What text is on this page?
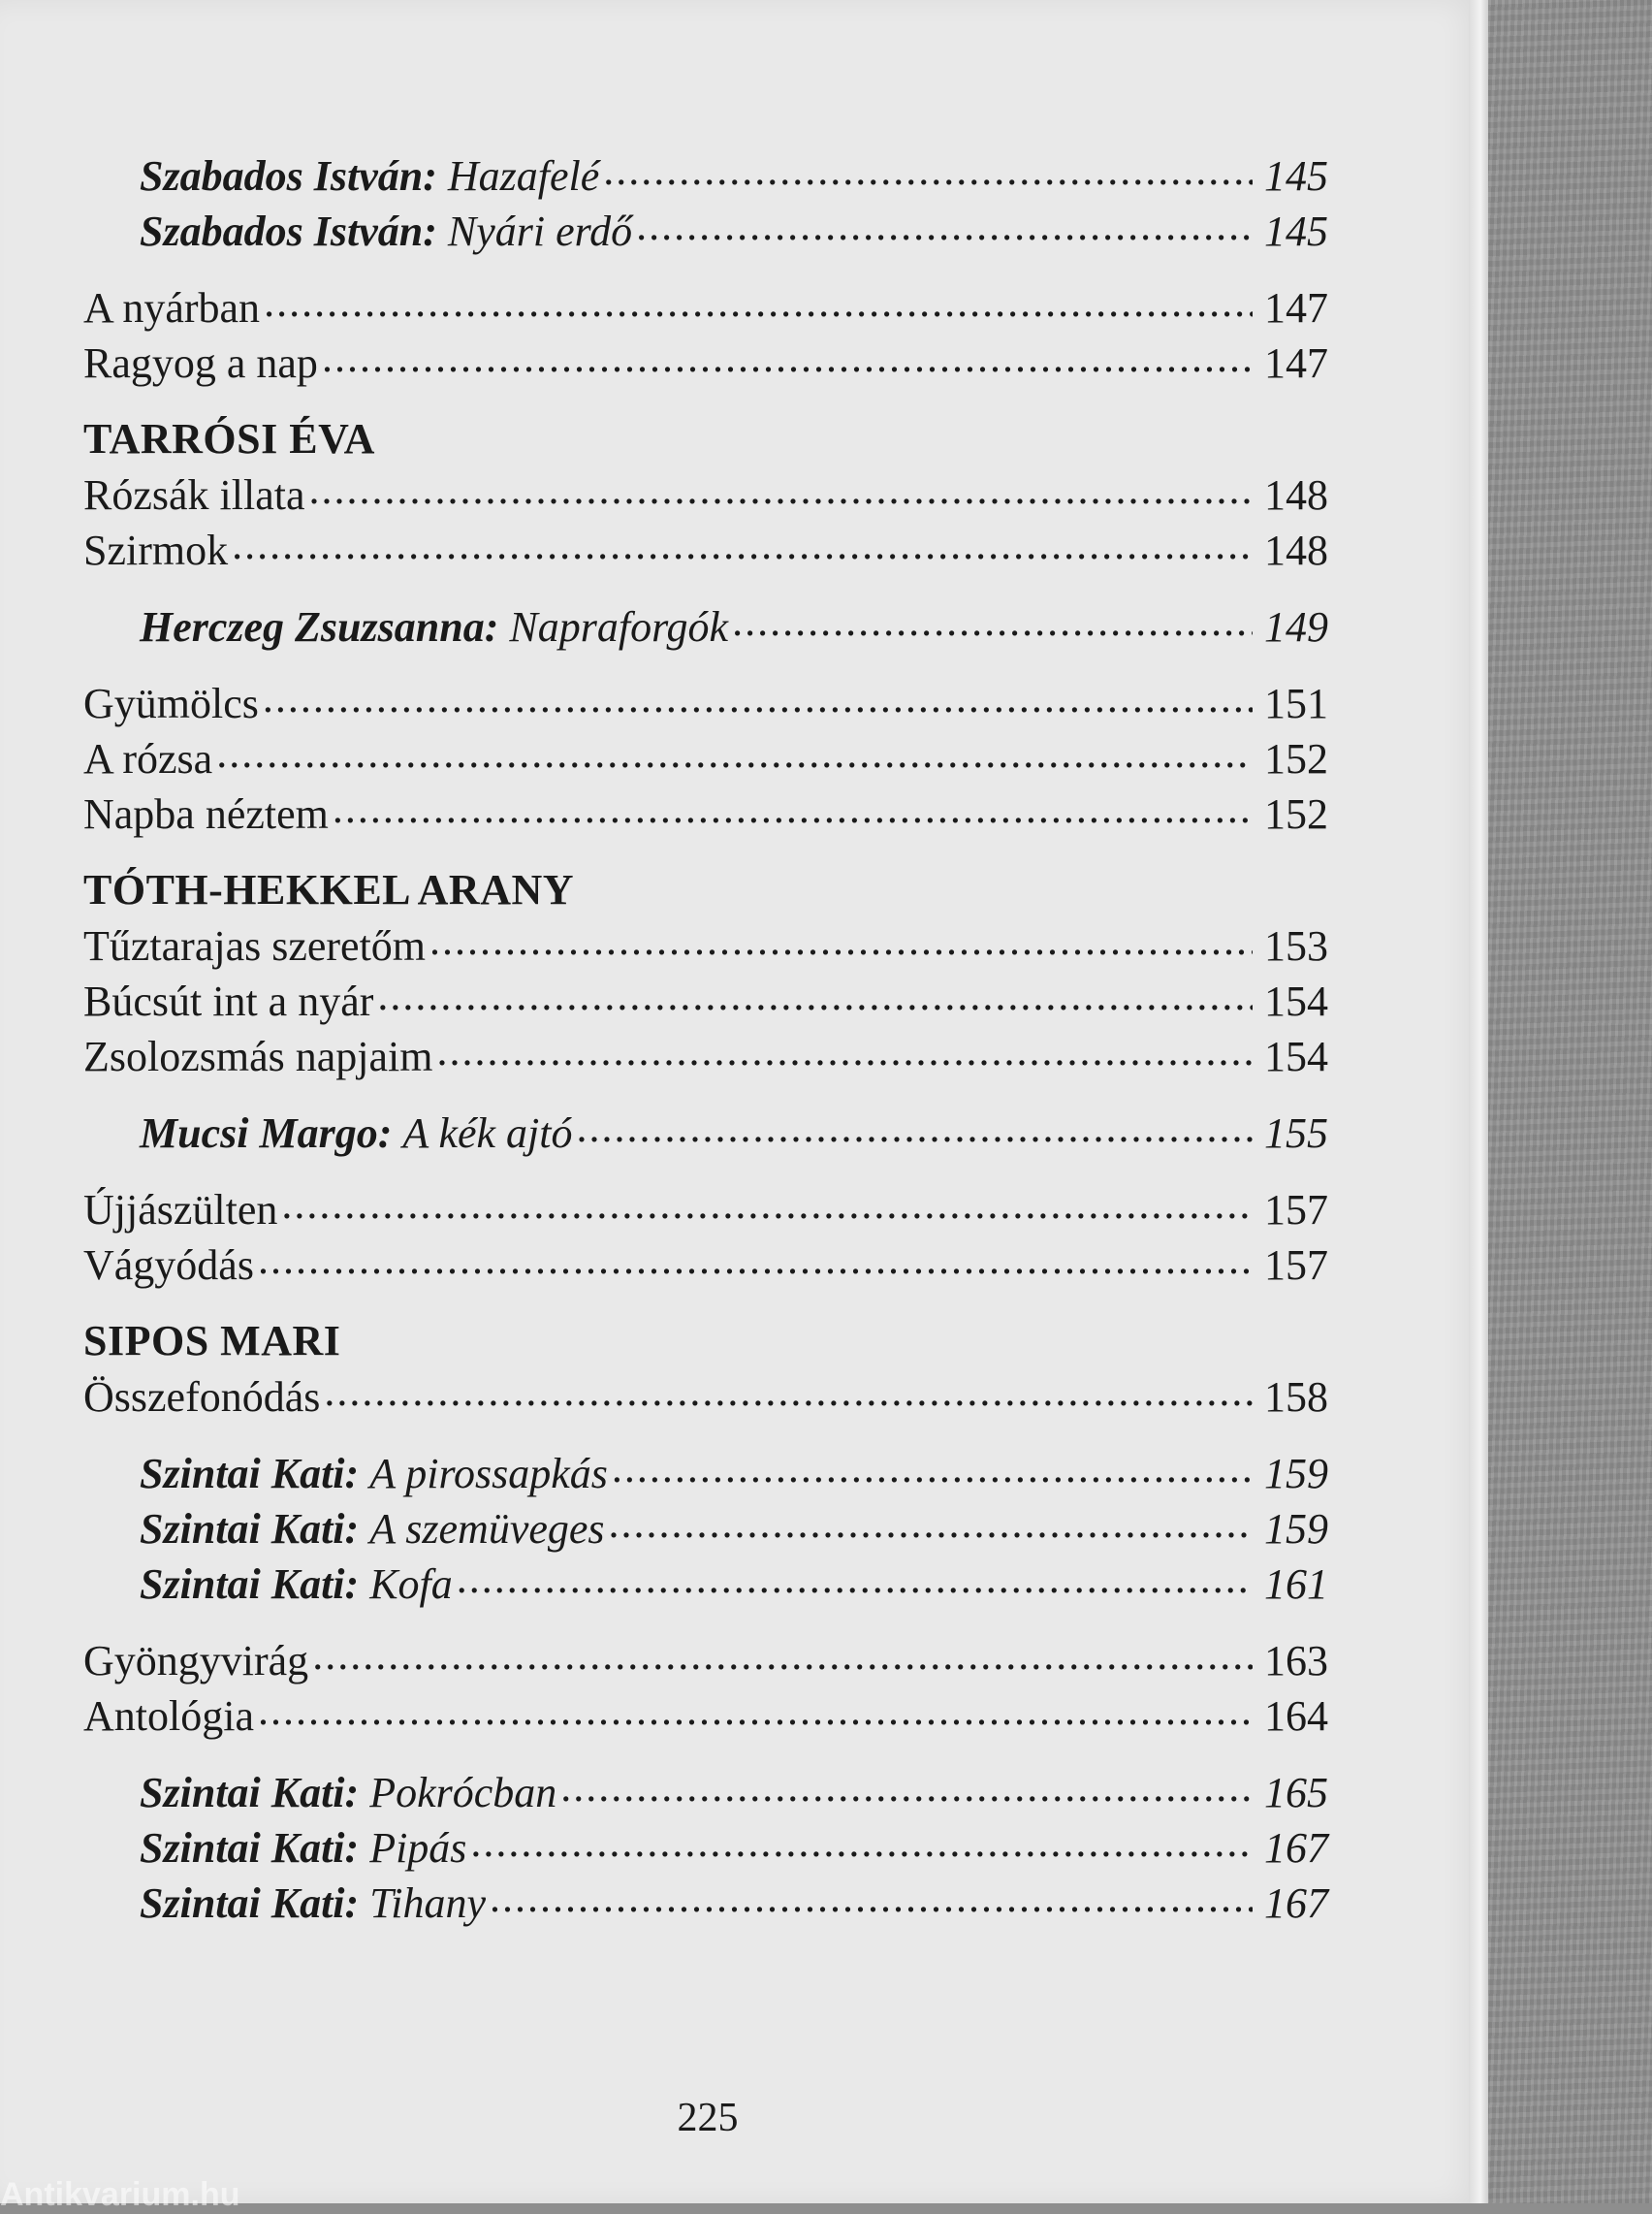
Szabados István: Hazafelé .....	145
Szabados István: Nyári erdő .....	145
A nyárban .....	147
Ragyog a nap .....	147
TARRÓSI ÉVA
Rózsák illata .....	148
Szirmok .....	148
Herczeg Zsuzsanna: Napraforgók .....	149
Gyümölcs .....	151
A rózsa .....	152
Napba néztem .....	152
TÓTH-HEKKEL ARANY
Tűztarajas szeretőm .....	153
Búcsút int a nyár .....	154
Zsolozsmás napjaim .....	154
Mucsi Margo: A kék ajtó .....	155
Újjászülten .....	157
Vágyódás .....	157
SIPOS MARI
Összefonódás .....	158
Szintai Kati: A pirossapkás .....	159
Szintai Kati: A szemüveges .....	159
Szintai Kati: Kofa .....	161
Gyöngyvirág .....	163
Antológia .....	164
Szintai Kati: Pokrócban .....	165
Szintai Kati: Pipás .....	167
Szintai Kati: Tihany .....	167
225
Antikvarium.hu
